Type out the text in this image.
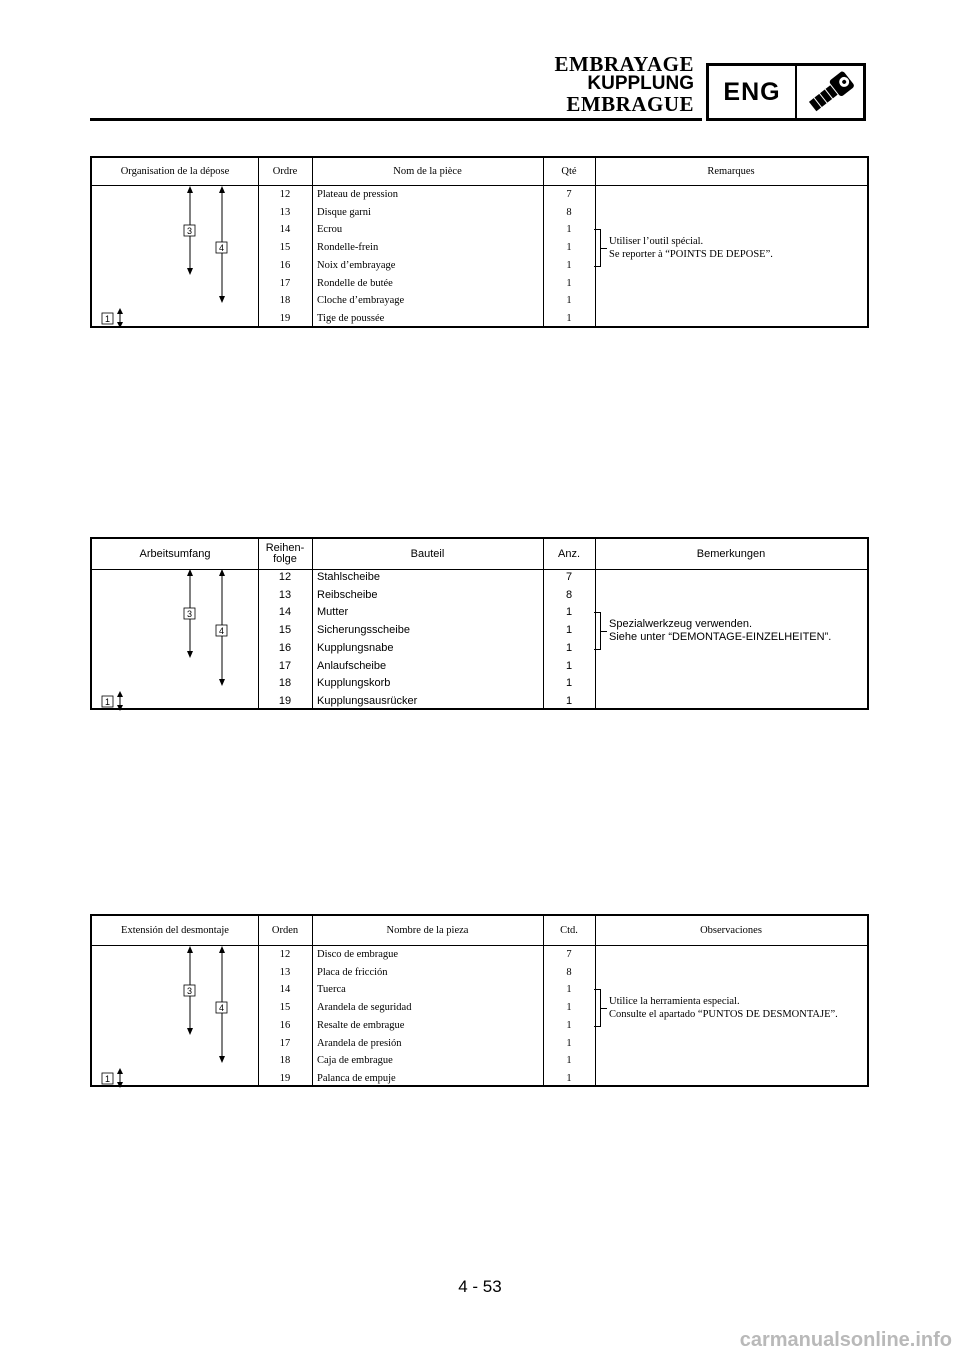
EMBRAYAGE
KUPPLUNG
EMBRAGUE	ENG
Organisation de la dépose	Ordre	Nom de la pièce	Qté	Remarques
12	Plateau de pression	7
13	Disque garni	8
14	Ecrou	1
15	Rondelle-frein	1
16	Noix d’embrayage	1
17	Rondelle de butée	1
18	Cloche d’embrayage	1
19	Tige de poussée	1
Utiliser l’outil spécial.
Se reporter à “POINTS DE DEPOSE”.
3
4
1
Arbeitsumfang	Reihen-
folge	Bauteil	Anz.	Bemerkungen
12	Stahlscheibe	7
13	Reibscheibe	8
14	Mutter	1
15	Sicherungsscheibe	1
16	Kupplungsnabe	1
17	Anlaufscheibe	1
18	Kupplungskorb	1
19	Kupplungsausrücker	1
Spezialwerkzeug verwenden.
Siehe unter “DEMONTAGE-EINZELHEITEN”.
3
4
1
Extensión del desmontaje	Orden	Nombre de la pieza	Ctd.	Observaciones
12	Disco de embrague	7
13	Placa de fricción	8
14	Tuerca	1
15	Arandela de seguridad	1
16	Resalte de embrague	1
17	Arandela de presión	1
18	Caja de embrague	1
19	Palanca de empuje	1
Utilice la herramienta especial.
Consulte el apartado “PUNTOS DE DESMONTAJE”.
3
4
1
4 - 53
carmanualsonline.info
